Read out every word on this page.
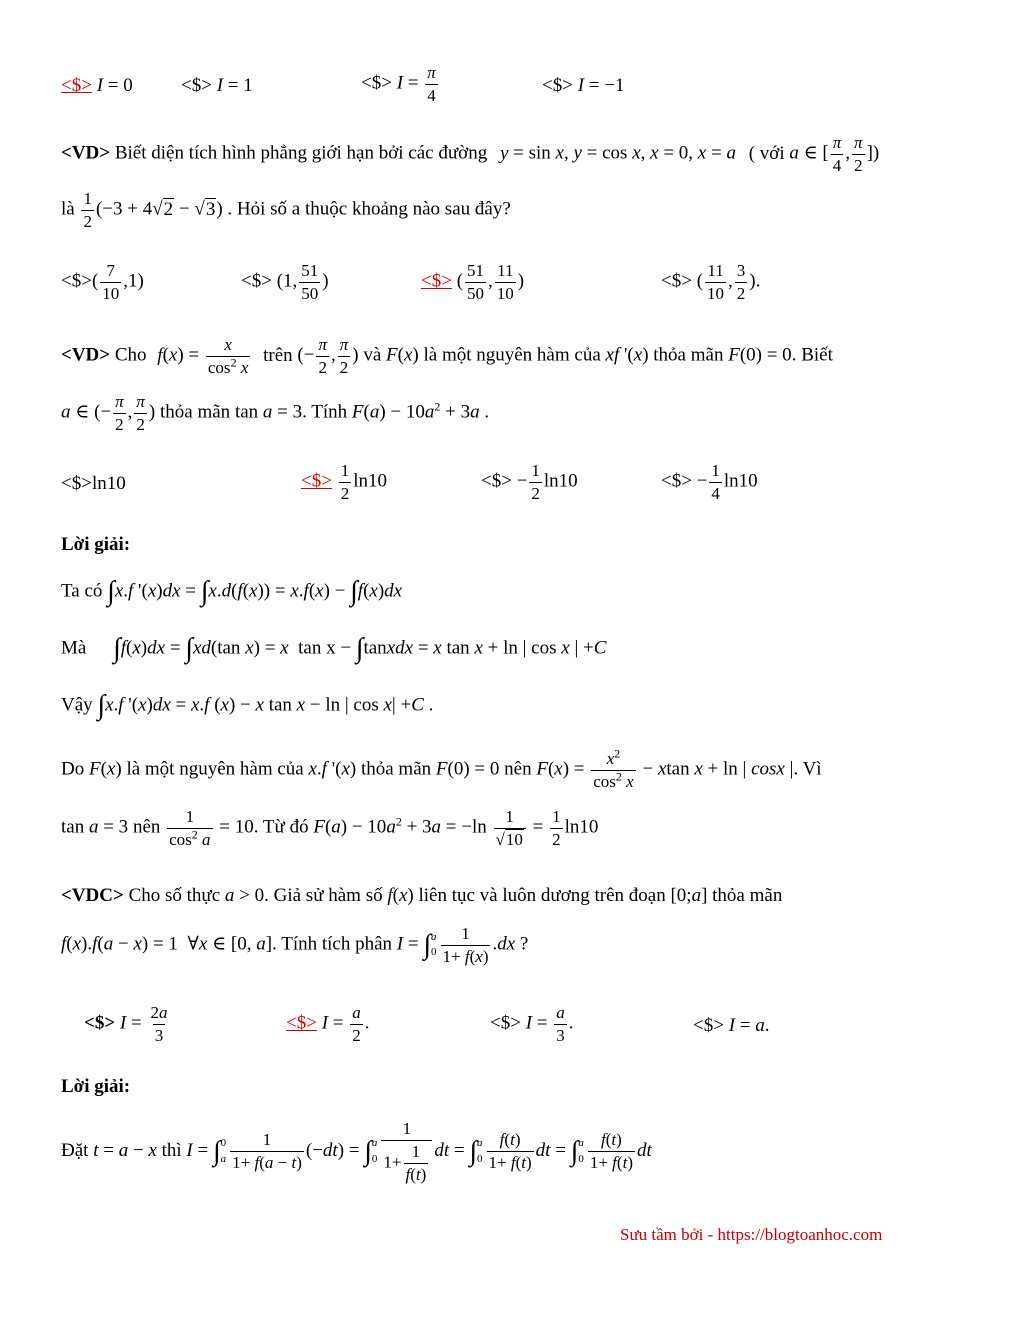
<$> I = 0	<$> I = 1	<$> $I = \frac{\pi}{4}$	<$> I = −1
<VD> Biết diện tích hình phẳng giới hạn bởi các đường y = sin x, y = cos x, x = 0, x = a ( với a ∈ [ $\frac{\pi}{4}$ , $\frac{\pi}{2}$ ])
là $\frac{1}{2} (-3 + 4√2 - √3)$ . Hỏi số a thuộc khoảng nào sau đây?
<$>( $\frac{7}{10} ,1$)	<$> (1, $\frac{51}{50}$ )	<$> ( $\frac{51}{50}$ , $\frac{11}{10}$ )	<$> ( $\frac{11}{10}$ , $\frac{3}{2}$ ).
<VD> Cho $f(x) = \frac{x}{\cos^2 x}$ trên (− $\frac{\pi}{2}$ , $\frac{\pi}{2}$ ) và F(x) là một nguyên hàm của xf '(x) thỏa mãn F(0) = 0. Biết
a ∈ (− $\frac{\pi}{2}$ , $\frac{\pi}{2}$ ) thỏa mãn tan a = 3. Tính $F(a) - 10a^2 + 3a$ .
<$>ln10	<$> $\frac{1}{2} \ln 10$	<$> − $\frac{1}{2} \ln 10$	<$> − $\frac{1}{4} \ln 10$
Lời giải:
Ta có ∫x.f '(x)dx = ∫x.d(f(x)) = x.f(x) − ∫f(x)dx
Mà ∫f(x)dx = ∫xd(tan x) = x  tan x − ∫tanxdx = x tan x + ln | cos x | +C
Vậy ∫x.f '(x)dx = x.f (x) − x tan x − ln | cos x| +C .
Do F(x) là một nguyên hàm của x.f '(x) thỏa mãn F(0) = 0 nên $F(x) = \frac{x^2}{\cos^2 x} - xtan$ x + ln | cosx |. Vì
tan a = 3 nên $\frac{1}{\cos^2 a} = 10$. Từ đó $F(a) - 10a^2 + 3a = -\ln \frac{1}{√10} = \frac{1}{2} \ln 10$
<VDC> Cho số thực a > 0. Giả sử hàm số f(x) liên tục và luôn dương trên đoạn [0;a] thỏa mãn
f(x).f(a − x) = 1  ∀x ∈ [0, a]. Tính tích phân I = ∫ a
$0 \frac{1}{1+ f(x)} .dx$ ?
<$> $I = \frac{2a}{3}$	<$> $I = \frac{a}{2}$ .	<$> $I = \frac{a}{3}$ .	<$> I = a.
Lời giải:
Đặt t = a − x thì I = ∫ 0
a $\frac{1}{1+ f(a - t)} (-dt)$ = ∫ a
$0 \frac{1}{1+ \frac{1}{f(t)}}$ dt = ∫ a
$0 \frac{f(t)}{1+ f(t)}$ dt = ∫ a
$0 \frac{f(t)}{1+ f(t)}$ dt
Sưu tầm bởi - https://blogtoanhoc.com
